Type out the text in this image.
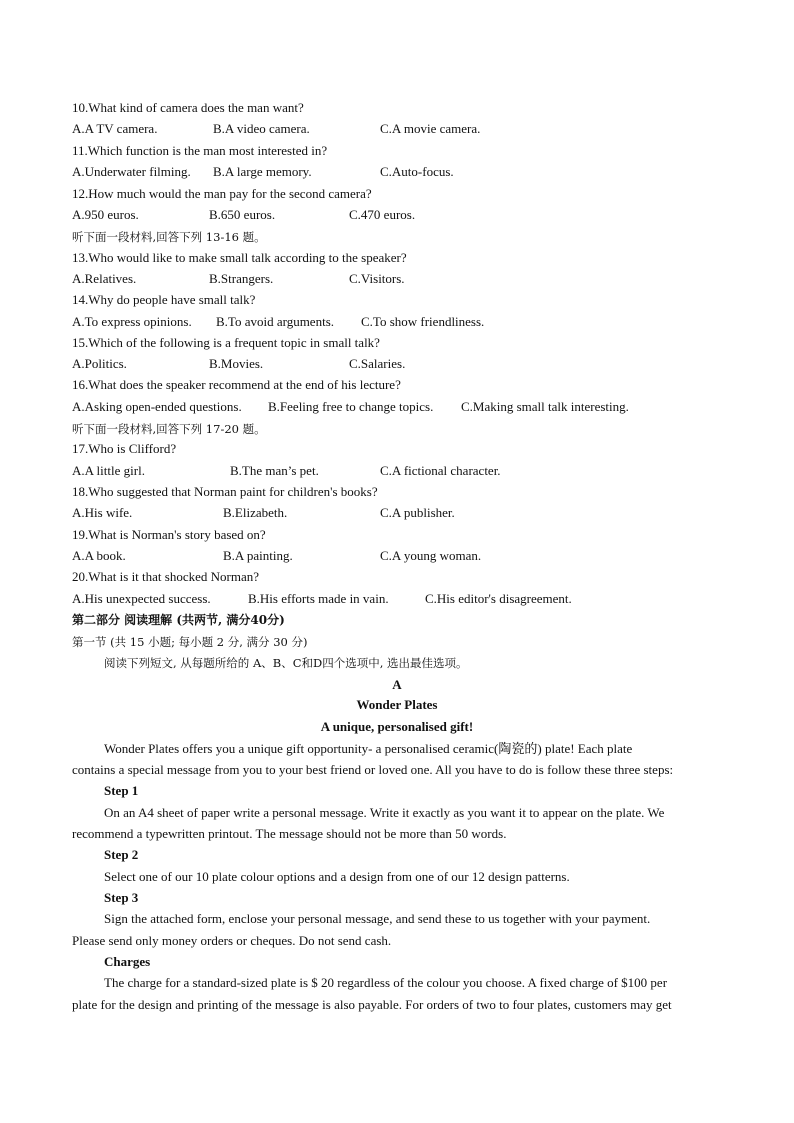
10.What kind of camera does the man want?
A.A TV camera.	B.A video camera.	C.A movie camera.
11.Which function is the man most interested in?
A.Underwater filming. B.A large memory.	C.Auto-focus.
12.How much would the man pay for the second camera?
A.950 euros.	B.650 euros.	C.470 euros.
听下面一段材料,回答下列 13-16 题。
13.Who would like to make small talk according to the speaker?
A.Relatives.	B.Strangers.	C.Visitors.
14.Why do people have small talk?
A.To express opinions. B.To avoid arguments. C.To show friendliness.
15.Which of the following is a frequent topic in small talk?
A.Politics.	B.Movies.	C.Salaries.
16.What does the speaker recommend at the end of his lecture?
A.Asking open-ended questions. B.Feeling free to change topics. C.Making small talk interesting.
听下面一段材料,回答下列 17-20 题。
17.Who is Clifford?
A.A little girl.	B.The man’s pet.	C.A fictional character.
18.Who suggested that Norman paint for children's books?
A.His wife.	B.Elizabeth.	C.A publisher.
19.What is Norman's story based on?
A.A book.	B.A painting.	C.A young woman.
20.What is it that shocked Norman?
A.His unexpected success.	B.His efforts made in vain.	C.His editor's disagreement.
第二部分 阅读理解 (共两节, 满分40分)
第一节 (共 15 小题; 每小题 2 分, 满分 30 分)
阅读下列短文, 从每题所给的 A、B、C和D四个选项中, 选出最佳选项。
A
Wonder Plates
A unique, personalised gift!
Wonder Plates offers you a unique gift opportunity- a personalised ceramic(陶瓷的) plate! Each plate
contains a special message from you to your best friend or loved one. All you have to do is follow these three steps:
Step 1
On an A4 sheet of paper write a personal message. Write it exactly as you want it to appear on the plate. We
recommend a typewritten printout. The message should not be more than 50 words.
Step 2
Select one of our 10 plate colour options and a design from one of our 12 design patterns.
Step 3
Sign the attached form, enclose your personal message, and send these to us together with your payment.
Please send only money orders or cheques. Do not send cash.
Charges
The charge for a standard-sized plate is $ 20 regardless of the colour you choose. A fixed charge of $100 per
plate for the design and printing of the message is also payable. For orders of two to four plates, customers may get
